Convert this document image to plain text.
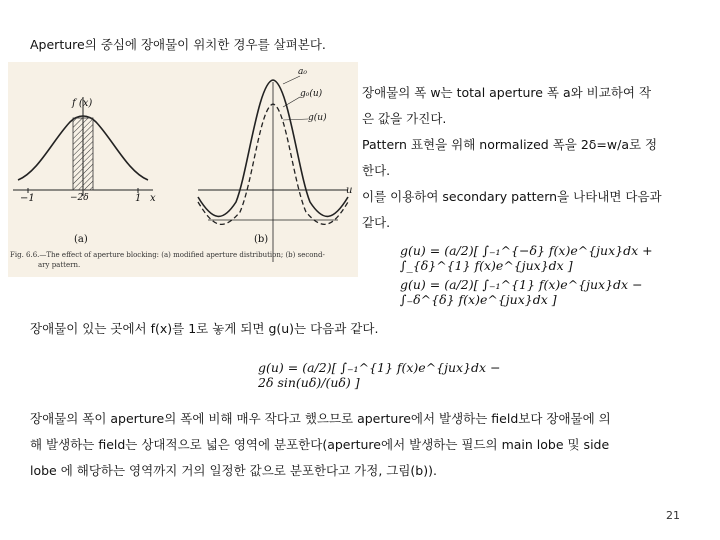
Aperture의 중심에 장애물이 위치한 경우를 살펴본다.
f (x)
−1	−2δ	1 x
(a)
a₀
g₀(u)
g(u)
u
(b)
Fig. 6.6.—The effect of aperture blocking: (a) modified aperture distribution; (b) second-
ary pattern.
장애물의 폭 w는 total aperture 폭 a와 비교하여 작
은 값을 가진다.
Pattern 표현을 위해 normalized 폭을 2δ=w/a로 정
한다.
이를 이용하여 secondary pattern을 나타내면 다음과
같다.
g(u) = (a/2)[ ∫₋₁^{−δ} f(x)e^{jux}dx + ∫_{δ}^{1} f(x)e^{jux}dx ]
g(u) = (a/2)[ ∫₋₁^{1} f(x)e^{jux}dx − ∫₋δ^{δ} f(x)e^{jux}dx ]
장애물이 있는 곳에서 f(x)를 1로 놓게 되면 g(u)는 다음과 같다.
g(u) = (a/2)[ ∫₋₁^{1} f(x)e^{jux}dx − 2δ sin(uδ)/(uδ) ]
장애물의 폭이 aperture의 폭에 비해 매우 작다고 했으므로 aperture에서 발생하는 field보다 장애물에 의
해 발생하는 field는 상대적으로 넓은 영역에 분포한다(aperture에서 발생하는 필드의 main lobe 및 side
lobe 에 해당하는 영역까지 거의 일정한 값으로 분포한다고 가정, 그림(b)).
21
